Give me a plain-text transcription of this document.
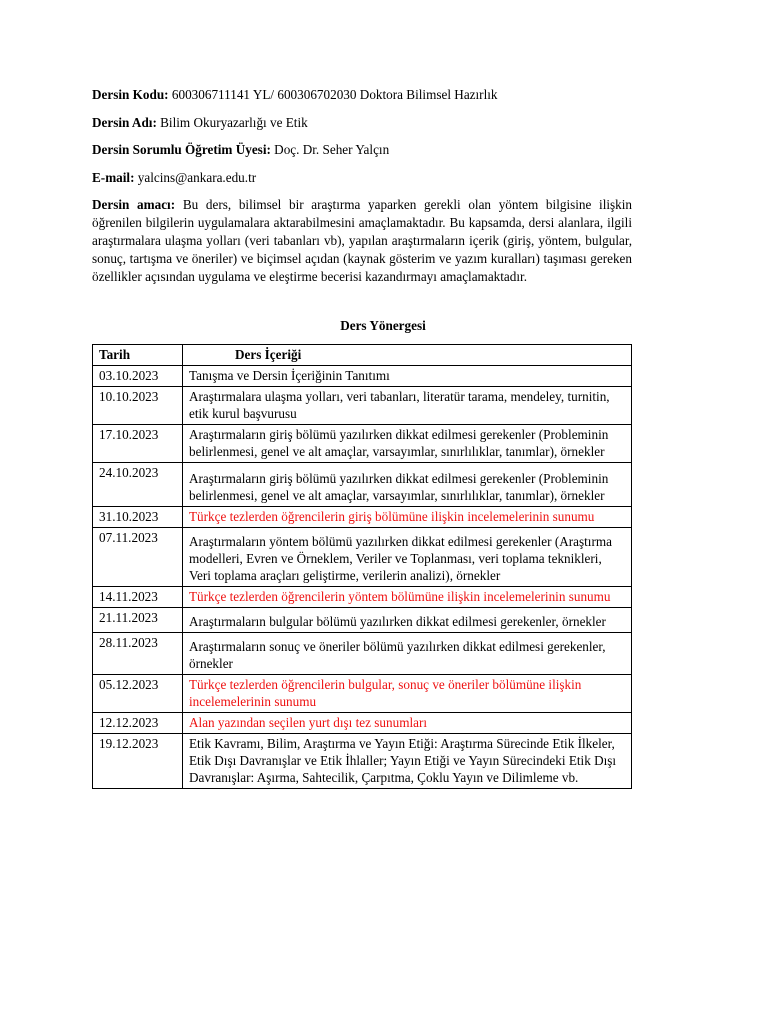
Dersin Kodu: 600306711141 YL/ 600306702030 Doktora Bilimsel Hazırlık

Dersin Adı: Bilim Okuryazarlığı ve Etik

Dersin Sorumlu Öğretim Üyesi: Doç. Dr. Seher Yalçın

E-mail: yalcins@ankara.edu.tr

Dersin amacı: Bu ders, bilimsel bir araştırma yaparken gerekli olan yöntem bilgisine ilişkin öğrenilen bilgilerin uygulamalara aktarabilmesini amaçlamaktadır. Bu kapsamda, dersi alanlara, ilgili araştırmalara ulaşma yolları (veri tabanları vb), yapılan araştırmaların içerik (giriş, yöntem, bulgular, sonuç, tartışma ve öneriler) ve biçimsel açıdan (kaynak gösterim ve yazım kuralları) taşıması gereken özellikler açısından uygulama ve eleştirme becerisi kazandırmayı amaçlamaktadır.

Ders Yönergesi
Tarih	Ders İçeriği
03.10.2023	Tanışma ve Dersin İçeriğinin Tanıtımı
10.10.2023	Araştırmalara ulaşma yolları, veri tabanları, literatür tarama, mendeley, turnitin, etik kurul başvurusu
17.10.2023	Araştırmaların giriş bölümü yazılırken dikkat edilmesi gerekenler (Probleminin belirlenmesi, genel ve alt amaçlar, varsayımlar, sınırlılıklar, tanımlar), örnekler
24.10.2023	Araştırmaların giriş bölümü yazılırken dikkat edilmesi gerekenler (Probleminin belirlenmesi, genel ve alt amaçlar, varsayımlar, sınırlılıklar, tanımlar), örnekler
31.10.2023	Türkçe tezlerden öğrencilerin giriş bölümüne ilişkin incelemelerinin sunumu
07.11.2023	Araştırmaların yöntem bölümü yazılırken dikkat edilmesi gerekenler (Araştırma modelleri, Evren ve Örneklem, Veriler ve Toplanması, veri toplama teknikleri, Veri toplama araçları geliştirme, verilerin analizi), örnekler
14.11.2023	Türkçe tezlerden öğrencilerin yöntem bölümüne ilişkin incelemelerinin sunumu
21.11.2023	Araştırmaların bulgular bölümü yazılırken dikkat edilmesi gerekenler, örnekler
28.11.2023	Araştırmaların sonuç ve öneriler bölümü yazılırken dikkat edilmesi gerekenler, örnekler
05.12.2023	Türkçe tezlerden öğrencilerin bulgular, sonuç ve öneriler bölümüne ilişkin incelemelerinin sunumu
12.12.2023	Alan yazından seçilen yurt dışı tez sunumları
19.12.2023	Etik Kavramı, Bilim, Araştırma ve Yayın Etiği: Araştırma Sürecinde Etik İlkeler, Etik Dışı Davranışlar ve Etik İhlaller; Yayın Etiği ve Yayın Sürecindeki Etik Dışı Davranışlar: Aşırma, Sahtecilik, Çarpıtma, Çoklu Yayın ve Dilimleme vb.
